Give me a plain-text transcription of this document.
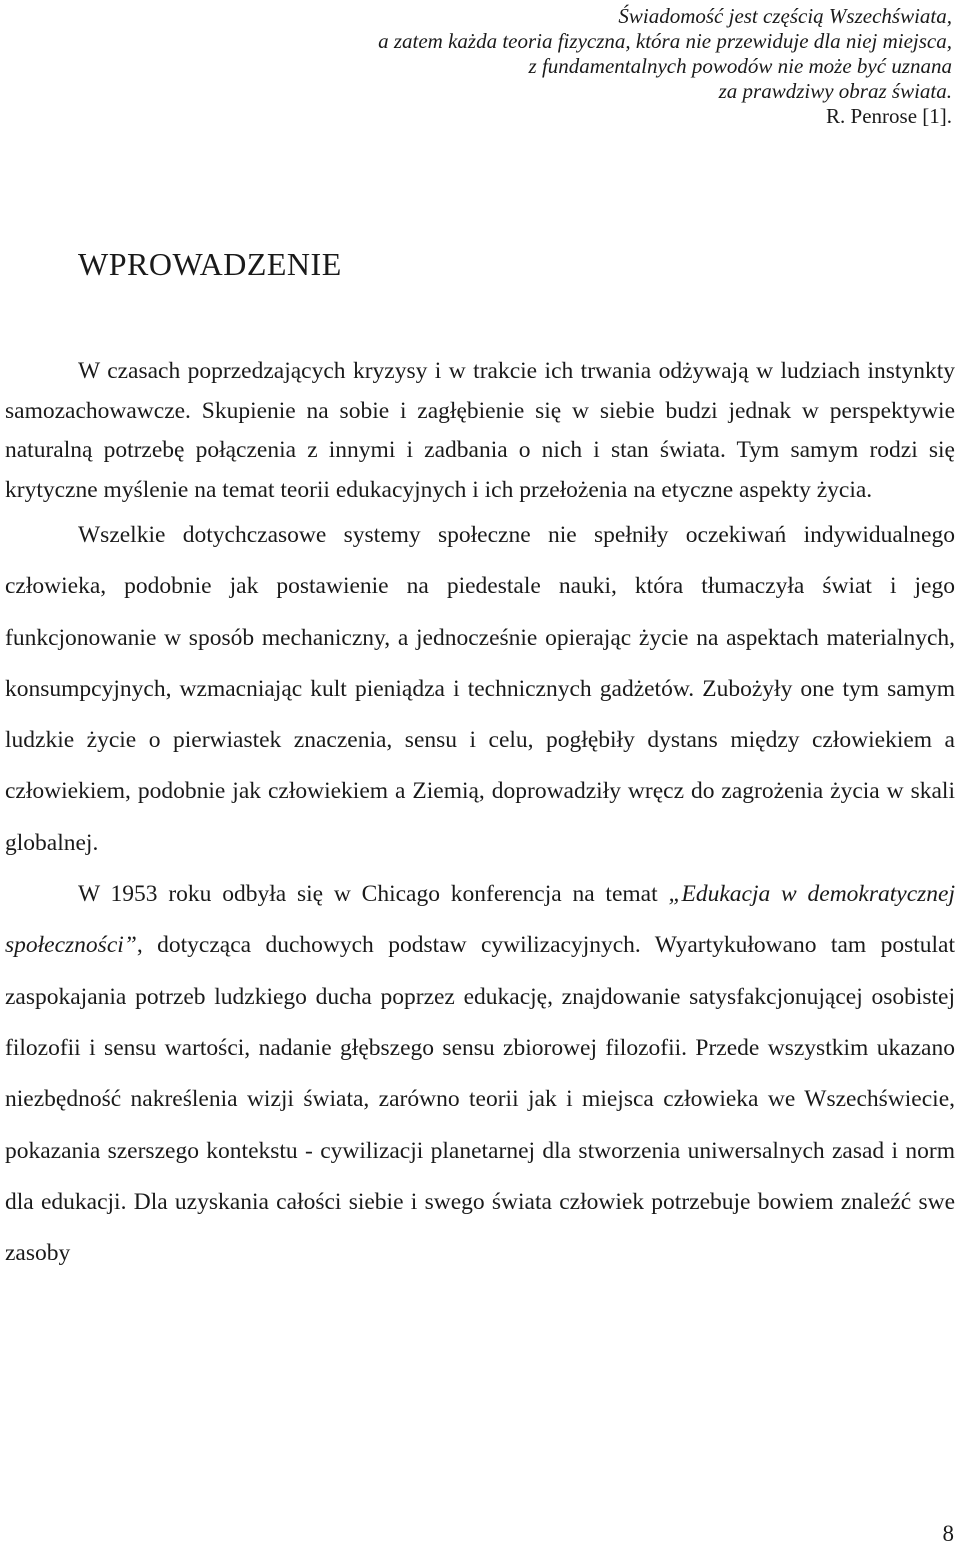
Świadomość jest częścią Wszechświata,
a zatem każda teoria fizyczna, która nie przewiduje dla niej miejsca,
z fundamentalnych powodów nie może być uznana
za prawdziwy obraz świata.
R. Penrose [1].
WPROWADZENIE

W czasach poprzedzających kryzysy i w trakcie ich trwania odżywają w ludziach instynkty samozachowawcze. Skupienie na sobie i zagłębienie się w siebie budzi jednak w perspektywie naturalną potrzebę połączenia z innymi i zadbania o nich i stan świata. Tym samym rodzi się krytyczne myślenie na temat teorii edukacyjnych i ich przełożenia na etyczne aspekty życia.

Wszelkie dotychczasowe systemy społeczne nie spełniły oczekiwań indywidualnego człowieka, podobnie jak postawienie na piedestale nauki, która tłumaczyła świat i jego funkcjonowanie w sposób mechaniczny, a jednocześnie opierając życie na aspektach materialnych, konsumpcyjnych, wzmacniając kult pieniądza i technicznych gadżetów. Zubożyły one tym samym ludzkie życie o pierwiastek znaczenia, sensu i celu, pogłębiły dystans między człowiekiem a człowiekiem, podobnie jak człowiekiem a Ziemią, doprowadziły wręcz do zagrożenia życia w skali globalnej.

W 1953 roku odbyła się w Chicago konferencja na temat „Edukacja w demokratycznej społeczności”, dotycząca duchowych podstaw cywilizacyjnych. Wyartykułowano tam postulat zaspokajania potrzeb ludzkiego ducha poprzez edukację, znajdowanie satysfakcjonującej osobistej filozofii i sensu wartości, nadanie głębszego sensu zbiorowej filozofii. Przede wszystkim ukazano niezbędność nakreślenia wizji świata, zarówno teorii jak i miejsca człowieka we Wszechświecie, pokazania szerszego kontekstu - cywilizacji planetarnej dla stworzenia uniwersalnych zasad i norm dla edukacji. Dla uzyskania całości siebie i swego świata człowiek potrzebuje bowiem znaleźć swe zasoby

8
